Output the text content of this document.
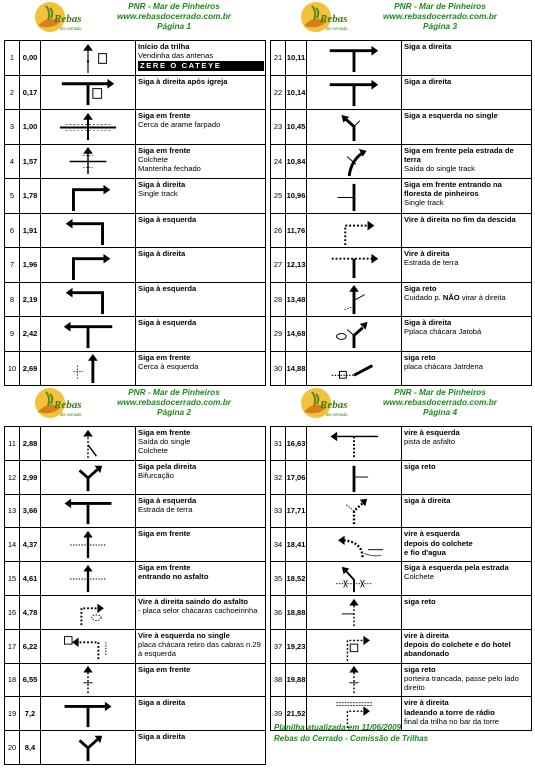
Rebas
do cerrado
PNR - Mar de Pinheiros
www.rebasdocerrado.com.br
Página 1
1	0,00		Início da trilha
Vendinha das antenas
ZERE O CATEYE

2	0,17		Siga à direita após igreja

3	1,00		Siga em frente
Cerca de arame farpado

4	1,57		Siga em frente
Colchete
Mantenha fechado

5	1,78		Siga à direita
Single track

6	1,91		Siga à esquerda

7	1,96		Siga à direita

8	2,19		Siga à esquerda

9	2,42		Siga à esquerda

10	2,69		Siga em frente
Cerca à esquerda
Rebas
do cerrado
PNR - Mar de Pinheiros
www.rebasdocerrado.com.br
Página 3
21	10,11		Siga a direita

22	10,14		Siga a direita

23	10,45		Siga a esquerda no single

24	10,84		Siga em frente pela estrada de terra
Saída do single track

25	10,96		Siga em frente entrando na floresta de pinheiros
Single track

26	11,76		Vire à direita no fim da descida

27	12,13		Vire à direita
Estrada de terra

28	13,48		Siga reto
Cuidado p. NÃO virar à direita

29	14,68		Siga à direita
Pplaca chácara Jatobá

30	14,88		siga reto
placa chácara Jatrdena
Rebas
do cerrado
PNR - Mar de Pinheiros
www.rebasdocerrado.com.br
Página 2
11	2,88		Siga em frente
Saída do single
Colchete

12	2,99		Siga pela direita
Bifurcação

13	3,66		Siga à esquerda
Estrada de terra

14	4,37		Siga em frente

15	4,61		Siga em frente
entrando no asfalto

16	4,78		Vire à direita saindo do asfalto
- placa selor chácaras cachoeirinha

17	6,22		Vire à esquerda no single
placa chácara retiro das cabras n.29 à esquerda

18	6,55		Siga em frente

19	7,2		Siga a direita

20	8,4		Siga a direita
Rebas
do cerrado
PNR - Mar de Pinheiros
www.rebasdocerrado.com.br
Página 4
31	16,63		vire à esquerda
pista de asfalto

32	17,06		siga reto

33	17,71		siga à direita

34	18,41		vire à esquerda
depois do colchete
e fio d'agua

35	18,52		Siga à esquerda pela estrada
Colchete

36	18,88		siga reto

37	19,23		vire à direita
depois do colchete e do hotel abandonado

38	19,88		siga reto
porteira trancada, passe pelo lado direito

39	21,52		vire à direita
ladeando a torre de rádio
final da trilha no bar da torre
Planilha atualizada em 11/06/2009
Rebas do Cerrado - Comissão de Trilhas
